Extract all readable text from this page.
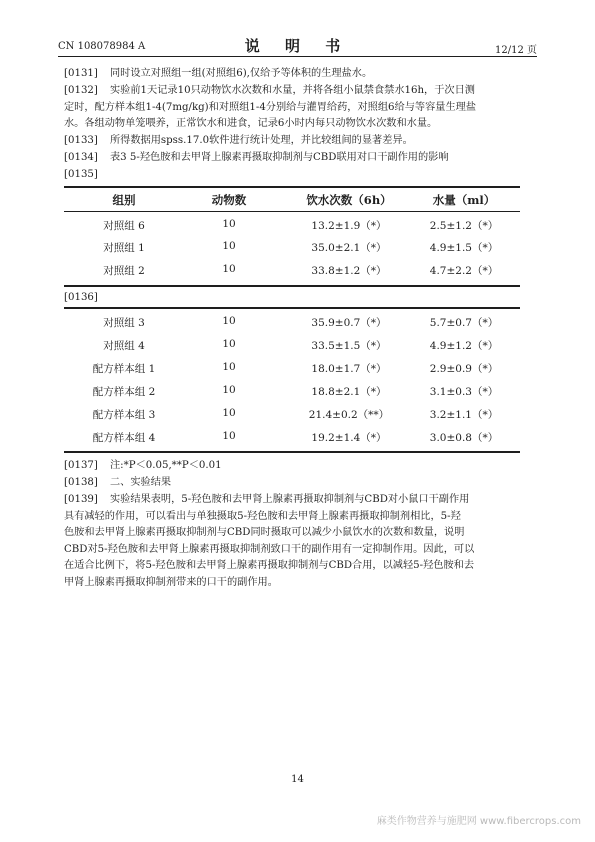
CN 108078984 A	说 明 书	12/12 页
[0131] 同时设立对照组一组(对照组6),仅给予等体积的生理盐水。
[0132] 实验前1天记录10只动物饮水次数和水量，并将各组小鼠禁食禁水16h，于次日测
定时，配方样本组1-4(7mg/kg)和对照组1-4分别给与灌胃给药，对照组6给与等容量生理盐
水。各组动物单笼喂养，正常饮水和进食，记录6小时内每只动物饮水次数和水量。
[0133] 所得数据用spss.17.0软件进行统计处理，并比较组间的显著差异。
[0134] 表3 5-羟色胺和去甲肾上腺素再摄取抑制剂与CBD联用对口干副作用的影响
[0135]
组别	动物数	饮水次数（6h）	水量（ml）
对照组 6	10	13.2±1.9（*）	2.5±1.2（*）
对照组 1	10	35.0±2.1（*）	4.9±1.5（*）
对照组 2	10	33.8±1.2（*）	4.7±2.2（*）
[0136]
对照组 3	10	35.9±0.7（*）	5.7±0.7（*）
对照组 4	10	33.5±1.5（*）	4.9±1.2（*）
配方样本组 1	10	18.0±1.7（*）	2.9±0.9（*）
配方样本组 2	10	18.8±2.1（*）	3.1±0.3（*）
配方样本组 3	10	21.4±0.2（**）	3.2±1.1（*）
配方样本组 4	10	19.2±1.4（*）	3.0±0.8（*）
[0137] 注:*P＜0.05,**P＜0.01
[0138] 二、实验结果
[0139] 实验结果表明，5-羟色胺和去甲肾上腺素再摄取抑制剂与CBD对小鼠口干副作用
具有减轻的作用，可以看出与单独摄取5-羟色胺和去甲肾上腺素再摄取抑制剂相比，5-羟
色胺和去甲肾上腺素再摄取抑制剂与CBD同时摄取可以减少小鼠饮水的次数和数量，说明
CBD对5-羟色胺和去甲肾上腺素再摄取抑制剂致口干的副作用有一定抑制作用。因此，可以
在适合比例下，将5-羟色胺和去甲肾上腺素再摄取抑制剂与CBD合用，以减轻5-羟色胺和去
甲肾上腺素再摄取抑制剂带来的口干的副作用。
14
麻类作物营养与施肥网 www.fibercrops.com
